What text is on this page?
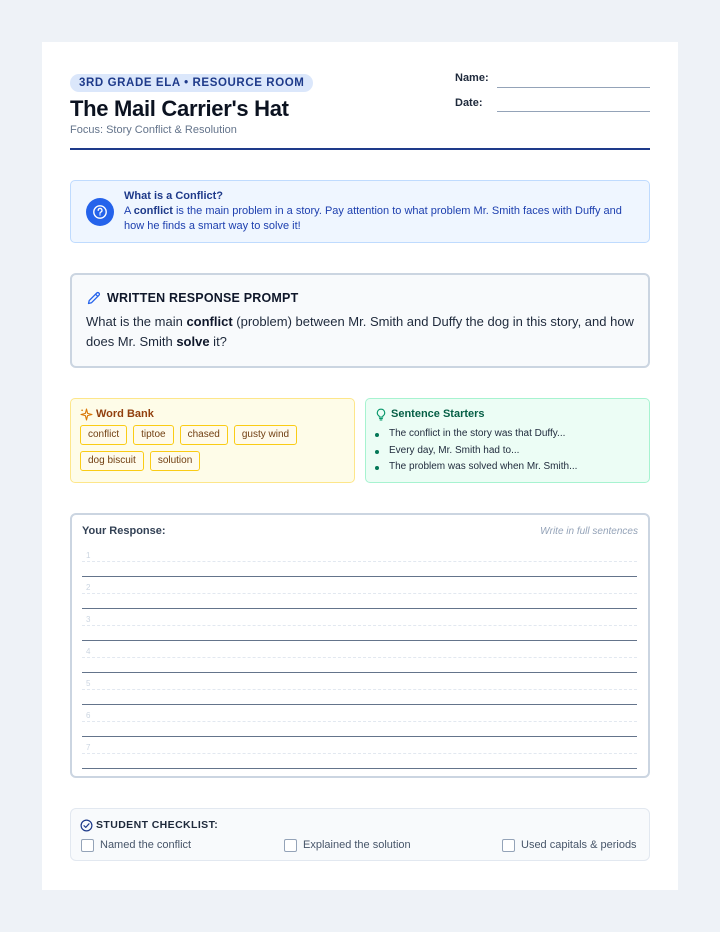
3RD GRADE ELA • RESOURCE ROOM
The Mail Carrier's Hat
Focus: Story Conflict & Resolution
Name:
Date:
What is a Conflict?
A conflict is the main problem in a story. Pay attention to what problem Mr. Smith faces with Duffy and how he finds a smart way to solve it!
WRITTEN RESPONSE PROMPT
What is the main conflict (problem) between Mr. Smith and Duffy the dog in this story, and how does Mr. Smith solve it?
Word Bank
conflict	tiptoe	chased	gusty wind
dog biscuit	solution
Sentence Starters
The conflict in the story was that Duffy...
Every day, Mr. Smith had to...
The problem was solved when Mr. Smith...
Your Response:	Write in full sentences
1
2
3
4
5
6
7
STUDENT CHECKLIST:
Named the conflict	Explained the solution	Used capitals & periods
